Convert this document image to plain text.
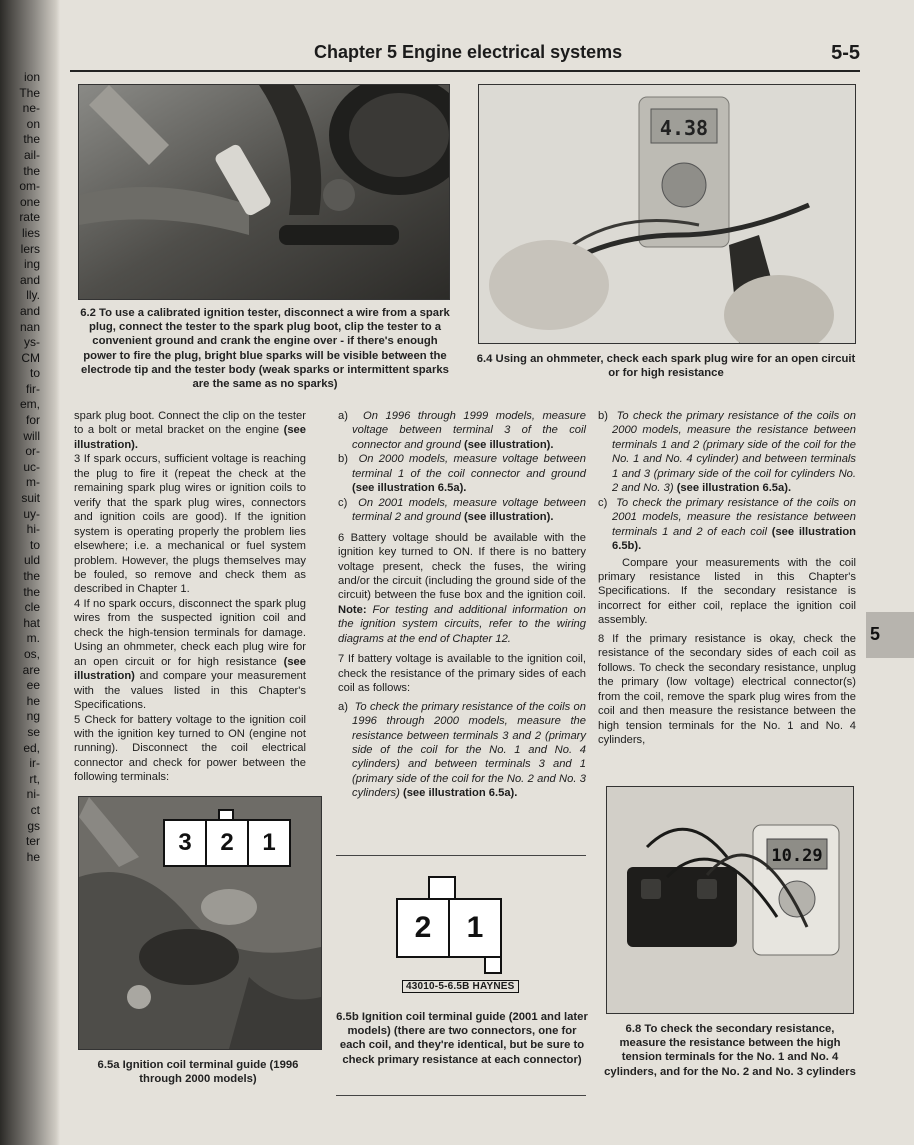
ion
The
ne-
on
the
ail-
the
om-
one
rate
lies
lers
ing
and
lly.
and
nan
ys-
CM
to
fir-
em,
for
will
or-
uc-
m-
suit
uy-
hi-
to
uld
the
the
cle
hat
m.
os,
are
ee
he
ng
se
ed,
ir-
rt,
ni-
ct
gs
ter
he
Chapter 5 Engine electrical systems	5-5
6.2 To use a calibrated ignition tester, disconnect a wire from a spark plug, connect the tester to the spark plug boot, clip the tester to a convenient ground and crank the engine over - if there's enough power to fire the plug, bright blue sparks will be visible between the electrode tip and the tester body (weak sparks or intermittent sparks are the same as no sparks)
4.38
6.4 Using an ohmmeter, check each spark plug wire for an open circuit or for high resistance

spark plug boot. Connect the clip on the tester to a bolt or metal bracket on the engine (see illustration).

3 If spark occurs, sufficient voltage is reaching the plug to fire it (repeat the check at the remaining spark plug wires or ignition coils to verify that the spark plug wires, connectors and ignition coils are good). If the ignition system is operating properly the problem lies elsewhere; i.e. a mechanical or fuel system problem. However, the plugs themselves may be fouled, so remove and check them as described in Chapter 1.

4 If no spark occurs, disconnect the spark plug wires from the suspected ignition coil and check the high-tension terminals for damage. Using an ohmmeter, check each plug wire for an open circuit or for high resistance (see illustration) and compare your measurement with the values listed in this Chapter's Specifications.

5 Check for battery voltage to the ignition coil with the ignition key turned to ON (engine not running). Disconnect the coil electrical connector and check for power between the following terminals:

a)  On 1996 through 1999 models, measure voltage between terminal 3 of the coil connector and ground (see illustration).

b)  On 2000 models, measure voltage between terminal 1 of the coil connector and ground (see illustration 6.5a).

c)  On 2001 models, measure voltage between terminal 2 and ground (see illustration).

6 Battery voltage should be available with the ignition key turned to ON. If there is no battery voltage present, check the fuses, the wiring and/or the circuit (including the ground side of the circuit) between the fuse box and the ignition coil. Note: For testing and additional information on the ignition system circuits, refer to the wiring diagrams at the end of Chapter 12.

7 If battery voltage is available to the ignition coil, check the resistance of the primary sides of each coil as follows:

a)  To check the primary resistance of the coils on 1996 through 2000 models, measure the resistance between terminals 3 and 2 (primary side of the coil for the No. 1 and No. 4 cylinders) and between terminals 3 and 1 (primary side of the coil for the No. 2 and No. 3 cylinders) (see illustration 6.5a).

b)  To check the primary resistance of the coils on 2000 models, measure the resistance between terminals 1 and 2 (primary side of the coil for the No. 1 and No. 4 cylinder) and between terminals 1 and 3 (primary side of the coil for cylinders No. 2 and No. 3) (see illustration 6.5a).

c)  To check the primary resistance of the coils on 2001 models, measure the resistance between terminals 1 and 2 of each coil (see illustration 6.5b).

Compare your measurements with the coil primary resistance listed in this Chapter's Specifications. If the secondary resistance is incorrect for either coil, replace the ignition coil assembly.

8 If the primary resistance is okay, check the resistance of the secondary sides of each coil as follows. To check the secondary resistance, unplug the primary (low voltage) electrical connector(s) from the coil, remove the spark plug wires from the coil and then measure the resistance between the high tension terminals for the No. 1 and No. 4 cylinders,

5
3	2	1
6.5a Ignition coil terminal guide (1996 through 2000 models)
2	1
43010-5-6.5B HAYNES
6.5b Ignition coil terminal guide (2001 and later models) (there are two connectors, one for each coil, and they're identical, but be sure to check primary resistance at each connector)
10.29
6.8 To check the secondary resistance, measure the resistance between the high tension terminals for the No. 1 and No. 4 cylinders, and for the No. 2 and No. 3 cylinders
